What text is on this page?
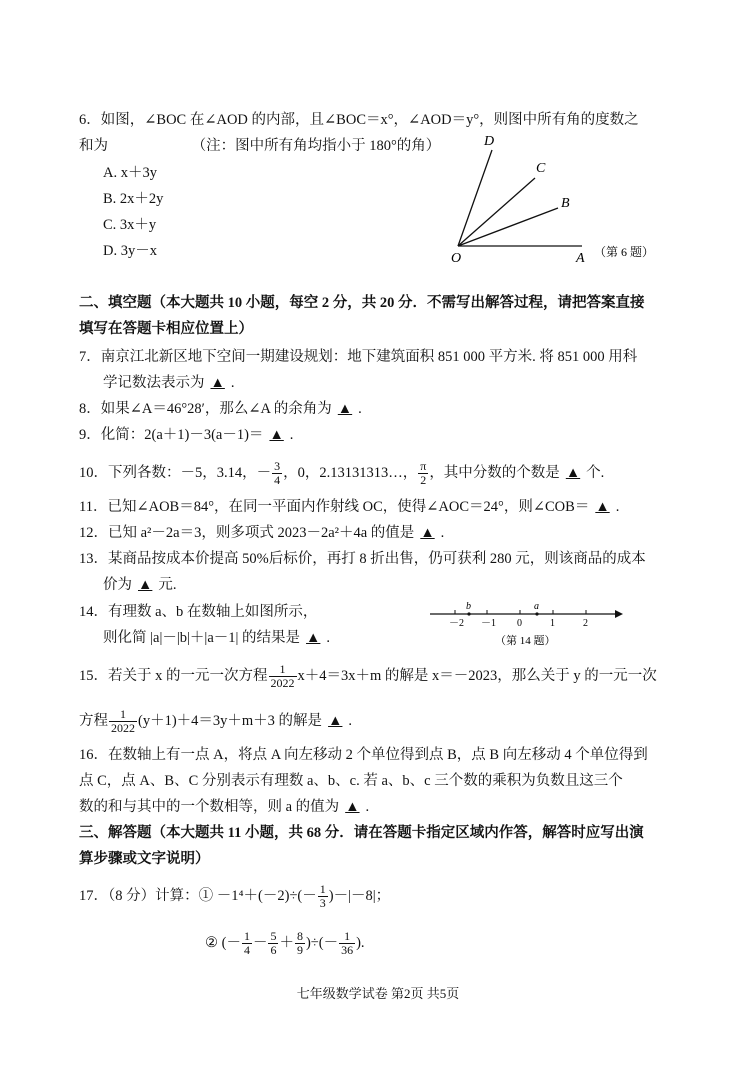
6．如图，∠BOC 在∠AOD 的内部，且∠BOC＝x°，∠AOD＝y°，则图中所有角的度数之
和为	（注：图中所有角均指小于 180°的角）
A. x＋3y
B. 2x＋2y
C. 3x＋y
D. 3y－x
D
C
B
O	A （第 6 题）
二、填空题（本大题共 10 小题，每空 2 分，共 20 分．不需写出解答过程，请把答案直接
填写在答题卡相应位置上）
7．南京江北新区地下空间一期建设规划：地下建筑面积 851 000 平方米. 将 851 000 用科
学记数法表示为 ▲ .
8．如果∠A＝46°28′，那么∠A 的余角为 ▲ .
9．化简：2(a＋1)－3(a－1)＝ ▲ .
10．下列各数：－5，3.14，－ $\frac{3}{4}$ ，0，2.13131313…， $\frac{\pi}{2}$ ，其中分数的个数是 ▲ 个.
11．已知∠AOB＝84°，在同一平面内作射线 OC，使得∠AOC＝24°，则∠COB＝ ▲ .
12．已知 a²－2a＝3，则多项式 2023－2a²＋4a 的值是 ▲ .
13．某商品按成本价提高 50%后标价，再打 8 折出售，仍可获利 280 元，则该商品的成本
价为 ▲ 元.
14．有理数 a、b 在数轴上如图所示，
则化简 |a|－|b|＋|a－1| 的结果是 ▲ .
b	a
－2 －1 0	1	2
（第 14 题）
15．若关于 x 的一元一次方程 $\frac{1}{2022} x+4=3x+m$ 的解是 x＝－2023，那么关于 y 的一元一次
方程 $\frac{1}{2022} (y+1)+4=3y+m+3$ 的解是 ▲ .
16．在数轴上有一点 A，将点 A 向左移动 2 个单位得到点 B，点 B 向左移动 4 个单位得到
点 C，点 A、B、C 分别表示有理数 a、b、c. 若 a、b、c 三个数的乘积为负数且这三个
数的和与其中的一个数相等，则 a 的值为 ▲ .
三、解答题（本大题共 11 小题，共 68 分．请在答题卡指定区域内作答，解答时应写出演
算步骤或文字说明）
17．（8 分）计算：① $-1^4+(-2)\div(- \frac{1}{3} )-|-8|$；
② (－ $\frac{1}{4} - \frac{5}{6} + \frac{8}{9}$ )÷(－ $\frac{1}{36}$ ).
七年级数学试卷 第2页 共5页
